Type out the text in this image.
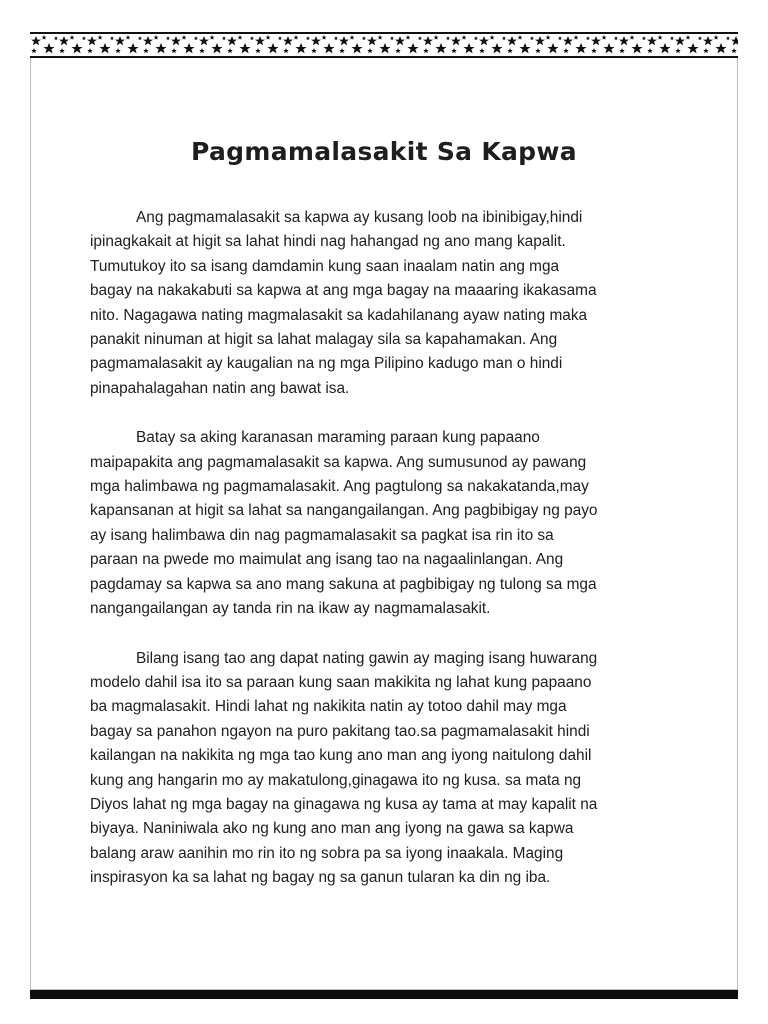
Pagmamalasakit Sa Kapwa

Ang pagmamalasakit sa kapwa ay kusang loob na ibinibigay,hindi
ipinagkakait at higit sa lahat hindi nag hahangad ng ano mang kapalit.
Tumutukoy ito sa isang damdamin kung saan inaalam natin ang mga
bagay na nakakabuti sa kapwa at ang mga bagay na maaaring ikakasama
nito. Nagagawa nating magmalasakit sa kadahilanang ayaw nating maka
panakit ninuman at higit sa lahat malagay sila sa kapahamakan. Ang
pagmamalasakit ay kaugalian na ng mga Pilipino kadugo man o hindi
pinapahalagahan natin ang bawat isa.

Batay sa aking karanasan maraming paraan kung papaano
maipapakita ang pagmamalasakit sa kapwa. Ang sumusunod ay pawang
mga halimbawa ng pagmamalasakit. Ang pagtulong sa nakakatanda,may
kapansanan at higit sa lahat sa nangangailangan. Ang pagbibigay ng payo
ay isang halimbawa din nag pagmamalasakit sa pagkat isa rin ito sa
paraan na pwede mo maimulat ang isang tao na nagaalinlangan. Ang
pagdamay sa kapwa sa ano mang sakuna at pagbibigay ng tulong sa mga
nangangailangan ay tanda rin na ikaw ay nagmamalasakit.

Bilang isang tao ang dapat nating gawin ay maging isang huwarang
modelo dahil isa ito sa paraan kung saan makikita ng lahat kung papaano
ba magmalasakit. Hindi lahat ng nakikita natin ay totoo dahil may mga
bagay sa panahon ngayon na puro pakitang tao.sa pagmamalasakit hindi
kailangan na nakikita ng mga tao kung ano man ang iyong naitulong dahil
kung ang hangarin mo ay makatulong,ginagawa ito ng kusa. sa mata ng
Diyos lahat ng mga bagay na ginagawa ng kusa ay tama at may kapalit na
biyaya. Naniniwala ako ng kung ano man ang iyong na gawa sa kapwa
balang araw aanihin mo rin ito ng sobra pa sa iyong inaakala. Maging
inspirasyon ka sa lahat ng bagay ng sa ganun tularan ka din ng iba.
